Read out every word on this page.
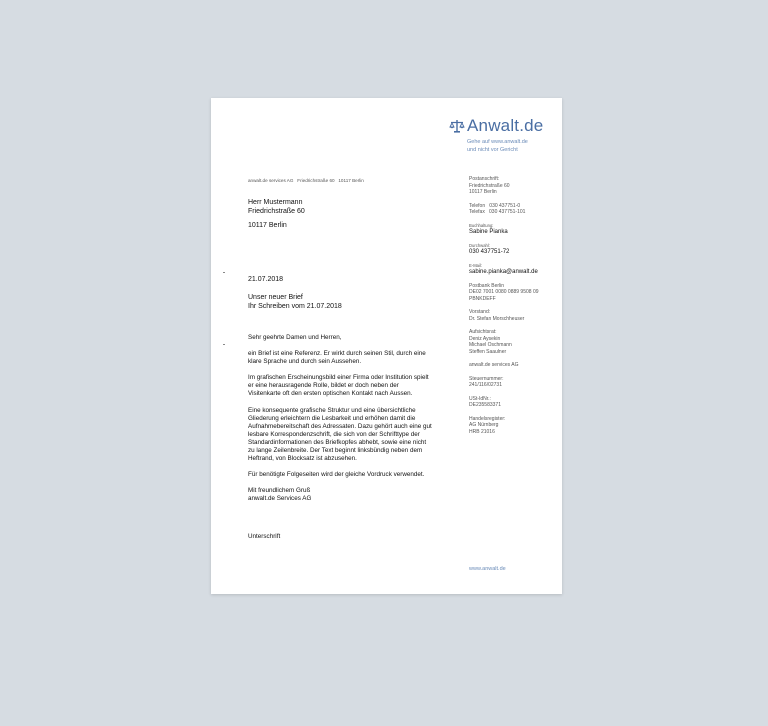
Anwalt.de
Gehe auf www.anwalt.de
und nicht vor Gericht
anwalt.de services AG   Friedrichstraße 60   10117 Berlin
Herr Mustermann
Friedrichstraße 60
10117 Berlin
21.07.2018
Unser neuer Brief
Ihr Schreiben vom 21.07.2018

Sehr geehrte Damen und Herren,

ein Brief ist eine Referenz. Er wirkt durch seinen Stil, durch eine klare Sprache und durch sein Aussehen.

Im grafischen Erscheinungsbild einer Firma oder Institution spielt er eine herausragende Rolle, bildet er doch neben der Visitenkarte oft den ersten optischen Kontakt nach Aussen.

Eine konsequente grafische Struktur und eine übersichtliche Gliederung erleichtern die Lesbarkeit und erhöhen damit die Aufnahmebereitschaft des Adressaten. Dazu gehört auch eine gut lesbare Korrespondenzschrift, die sich von der Schrifttype der Standardinformationen des Briefkopfes abhebt, sowie eine nicht zu lange Zeilenbreite. Der Text beginnt linksbündig neben dem Heftrand, von Blocksatz ist abzusehen.

Für benötigte Folgeseiten wird der gleiche Vordruck verwendet.

Mit freundlichem Gruß
anwalt.de Services AG

Unterschrift
Postanschrift:
Friedrichstraße 60
10117 Berlin
Telefon   030 437751-0
Telefax   030 437751-101
Buchhaltung:
Sabine Pianka
Durchwahl:
030 437751-72
E-Mail:
sabine.pianka@anwalt.de
Postbank Berlin
DE02 7001 0080 0889 9508 09
PBNKDEFF
Vorstand:
Dr. Stefan Morschheuser
Aufsichtsrat:
Deniz Aysekin
Michael Oschmann
Steffen Saaulner
anwalt.de services AG
Steuernummer:
241/116/02731
USt-IdNr.:
DE235583371
Handelsregister:
AG Nürnberg
HRB 21016
www.anwalt.de
